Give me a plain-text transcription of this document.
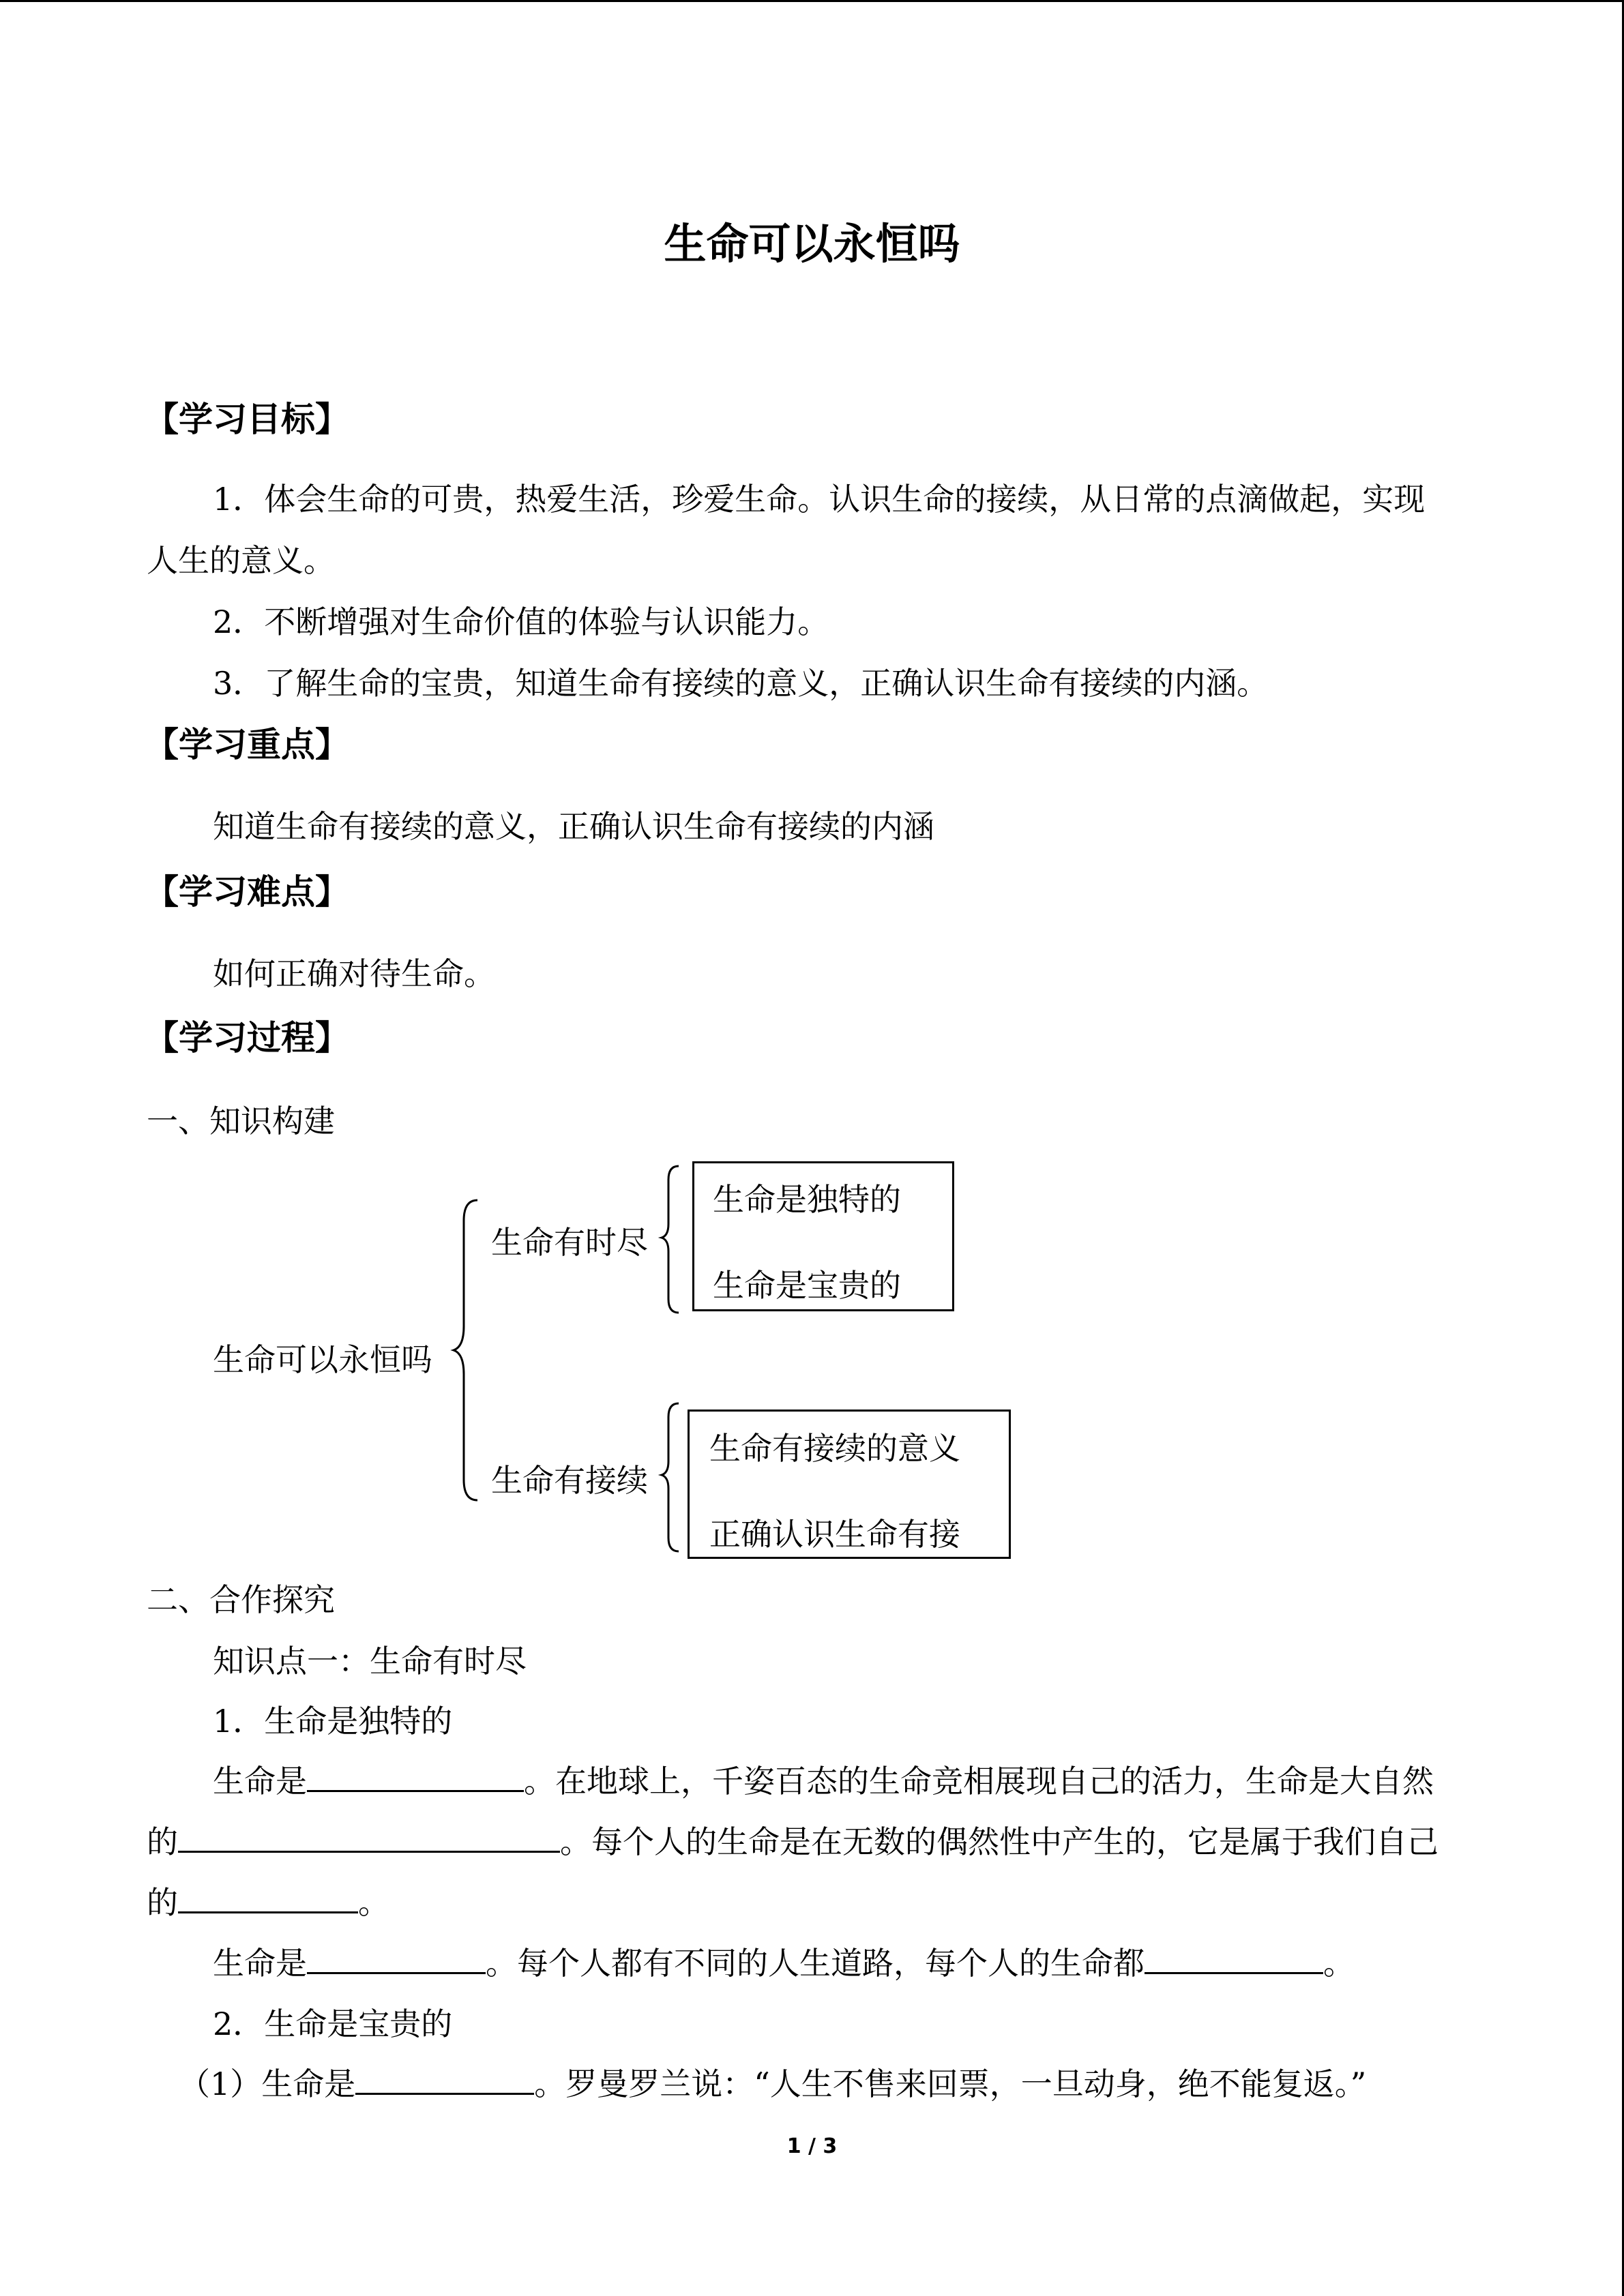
生命可以永恒吗
【学习目标】
1．体会生命的可贵，热爱生活，珍爱生命。认识生命的接续，从日常的点滴做起，实现
人生的意义。
2．不断增强对生命价值的体验与认识能力。
3．了解生命的宝贵，知道生命有接续的意义，正确认识生命有接续的内涵。
【学习重点】
知道生命有接续的意义，正确认识生命有接续的内涵
【学习难点】
如何正确对待生命。
【学习过程】
一、知识构建
生命可以永恒吗
生命有时尽
生命有接续
生命是独特的
生命是宝贵的
生命有接续的意义
正确认识生命有接
二、合作探究
知识点一：生命有时尽
1．生命是独特的
生命是	。在地球上，千姿百态的生命竞相展现自己的活力，生命是大自然
的	。每个人的生命是在无数的偶然性中产生的，它是属于我们自己
的	。
生命是	。每个人都有不同的人生道路，每个人的生命都	。
2．生命是宝贵的
（1）生命是	。罗曼罗兰说：“人生不售来回票，一旦动身，绝不能复返。”
1 / 3
